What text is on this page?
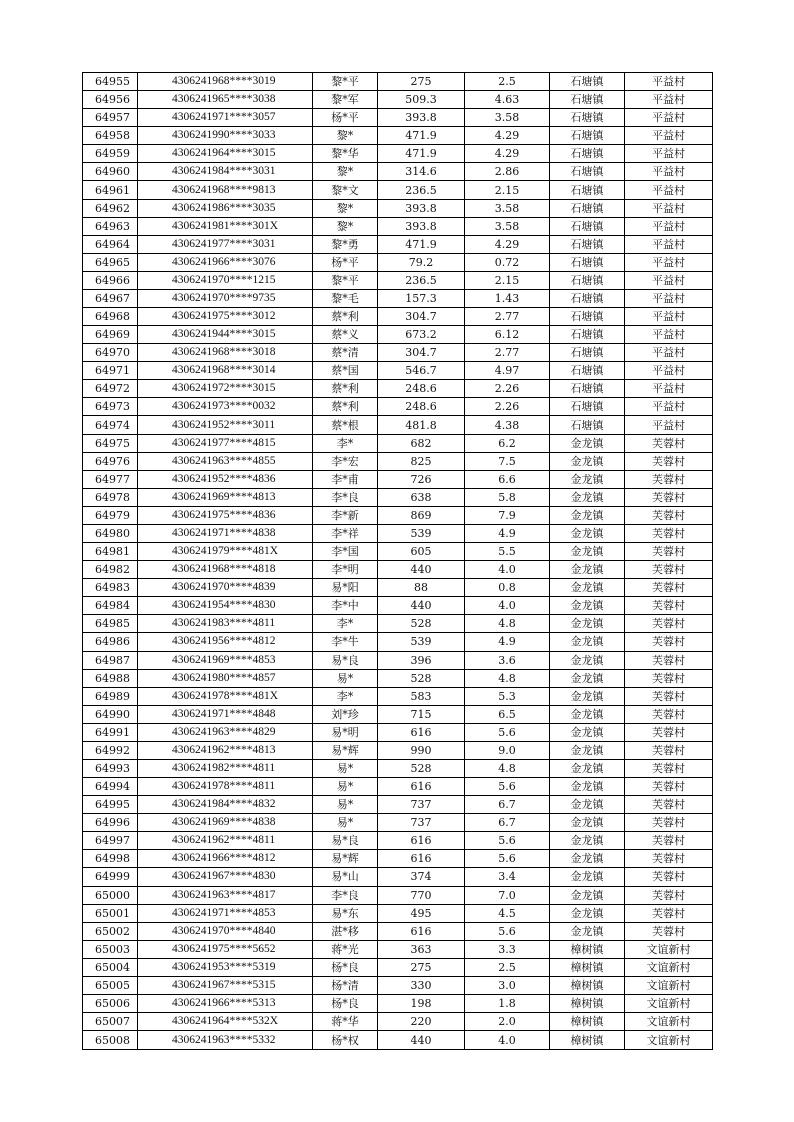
64955	4306241968****3019	黎*平	275	2.5	石塘镇	平益村
64956	4306241965****3038	黎*军	509.3	4.63	石塘镇	平益村
64957	4306241971****3057	杨*平	393.8	3.58	石塘镇	平益村
64958	4306241990****3033	黎*	471.9	4.29	石塘镇	平益村
64959	4306241964****3015	黎*华	471.9	4.29	石塘镇	平益村
64960	4306241984****3031	黎*	314.6	2.86	石塘镇	平益村
64961	4306241968****9813	黎*文	236.5	2.15	石塘镇	平益村
64962	4306241986****3035	黎*	393.8	3.58	石塘镇	平益村
64963	4306241981****301X	黎*	393.8	3.58	石塘镇	平益村
64964	4306241977****3031	黎*勇	471.9	4.29	石塘镇	平益村
64965	4306241966****3076	杨*平	79.2	0.72	石塘镇	平益村
64966	4306241970****1215	黎*平	236.5	2.15	石塘镇	平益村
64967	4306241970****9735	黎*毛	157.3	1.43	石塘镇	平益村
64968	4306241975****3012	蔡*利	304.7	2.77	石塘镇	平益村
64969	4306241944****3015	蔡*义	673.2	6.12	石塘镇	平益村
64970	4306241968****3018	蔡*清	304.7	2.77	石塘镇	平益村
64971	4306241968****3014	蔡*国	546.7	4.97	石塘镇	平益村
64972	4306241972****3015	蔡*利	248.6	2.26	石塘镇	平益村
64973	4306241973****0032	蔡*利	248.6	2.26	石塘镇	平益村
64974	4306241952****3011	蔡*根	481.8	4.38	石塘镇	平益村
64975	4306241977****4815	李*	682	6.2	金龙镇	芙蓉村
64976	4306241963****4855	李*宏	825	7.5	金龙镇	芙蓉村
64977	4306241952****4836	李*甫	726	6.6	金龙镇	芙蓉村
64978	4306241969****4813	李*良	638	5.8	金龙镇	芙蓉村
64979	4306241975****4836	李*新	869	7.9	金龙镇	芙蓉村
64980	4306241971****4838	李*祥	539	4.9	金龙镇	芙蓉村
64981	4306241979****481X	李*国	605	5.5	金龙镇	芙蓉村
64982	4306241968****4818	李*明	440	4.0	金龙镇	芙蓉村
64983	4306241970****4839	易*阳	88	0.8	金龙镇	芙蓉村
64984	4306241954****4830	李*中	440	4.0	金龙镇	芙蓉村
64985	4306241983****4811	李*	528	4.8	金龙镇	芙蓉村
64986	4306241956****4812	李*牛	539	4.9	金龙镇	芙蓉村
64987	4306241969****4853	易*良	396	3.6	金龙镇	芙蓉村
64988	4306241980****4857	易*	528	4.8	金龙镇	芙蓉村
64989	4306241978****481X	李*	583	5.3	金龙镇	芙蓉村
64990	4306241971****4848	刘*珍	715	6.5	金龙镇	芙蓉村
64991	4306241963****4829	易*明	616	5.6	金龙镇	芙蓉村
64992	4306241962****4813	易*辉	990	9.0	金龙镇	芙蓉村
64993	4306241982****4811	易*	528	4.8	金龙镇	芙蓉村
64994	4306241978****4811	易*	616	5.6	金龙镇	芙蓉村
64995	4306241984****4832	易*	737	6.7	金龙镇	芙蓉村
64996	4306241969****4838	易*	737	6.7	金龙镇	芙蓉村
64997	4306241962****4811	易*良	616	5.6	金龙镇	芙蓉村
64998	4306241966****4812	易*辉	616	5.6	金龙镇	芙蓉村
64999	4306241967****4830	易*山	374	3.4	金龙镇	芙蓉村
65000	4306241963****4817	李*良	770	7.0	金龙镇	芙蓉村
65001	4306241971****4853	易*东	495	4.5	金龙镇	芙蓉村
65002	4306241970****4840	湛*移	616	5.6	金龙镇	芙蓉村
65003	4306241975****5652	蒋*光	363	3.3	樟树镇	文谊新村
65004	4306241953****5319	杨*良	275	2.5	樟树镇	文谊新村
65005	4306241967****5315	杨*清	330	3.0	樟树镇	文谊新村
65006	4306241966****5313	杨*良	198	1.8	樟树镇	文谊新村
65007	4306241964****532X	蒋*华	220	2.0	樟树镇	文谊新村
65008	4306241963****5332	杨*权	440	4.0	樟树镇	文谊新村
